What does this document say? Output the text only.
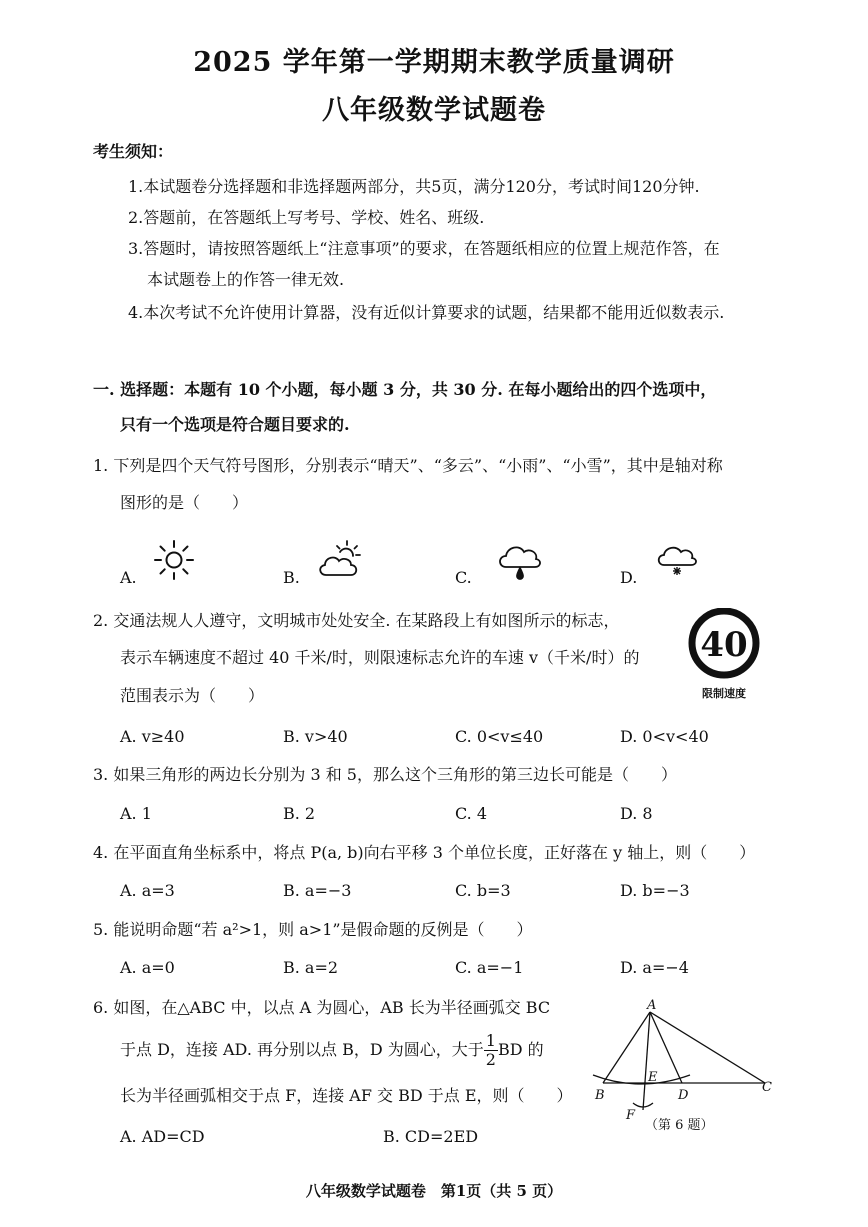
2025 学年第一学期期末教学质量调研
八年级数学试题卷
考生须知：
1.本试题卷分选择题和非选择题两部分，共5页，满分120分，考试时间120分钟.
2.答题前，在答题纸上写考号、学校、姓名、班级.
3.答题时，请按照答题纸上“注意事项”的要求，在答题纸相应的位置上规范作答，在
本试题卷上的作答一律无效.
4.本次考试不允许使用计算器，没有近似计算要求的试题，结果都不能用近似数表示.
一. 选择题：本题有 10 个小题，每小题 3 分，共 30 分. 在每小题给出的四个选项中，
只有一个选项是符合题目要求的.
1. 下列是四个天气符号图形，分别表示“晴天”、“多云”、“小雨”、“小雪”，其中是轴对称
图形的是（　　）
A.	B.	C.	D.
2. 交通法规人人遵守，文明城市处处安全. 在某路段上有如图所示的标志，
表示车辆速度不超过 40 千米/时，则限速标志允许的车速 v（千米/时）的
范围表示为（　　）
40
限制速度
A. v≥40	B. v>40	C. 0<v≤40	D. 0<v<40
3. 如果三角形的两边长分别为 3 和 5，那么这个三角形的第三边长可能是（　　）
A. 1	B. 2	C. 4	D. 8
4. 在平面直角坐标系中，将点 P(a, b)向右平移 3 个单位长度，正好落在 y 轴上，则（　　）
A. a=3	B. a=−3	C. b=3	D. b=−3
5. 能说明命题“若 a²>1，则 a>1”是假命题的反例是（　　）
A. a=0	B. a=2	C. a=−1	D. a=−4
6. 如图，在△ABC 中，以点 A 为圆心，AB 长为半径画弧交 BC
于点 D，连接 AD. 再分别以点 B，D 为圆心，大于 $\frac{1}{2}$ BD 的
长为半径画弧相交于点 F，连接 AF 交 BD 于点 E，则（　　）
A. AD=CD	B. CD=2ED
A
B
C
D
E
F
（第 6 题）
八年级数学试题卷　第1页（共 5 页）
